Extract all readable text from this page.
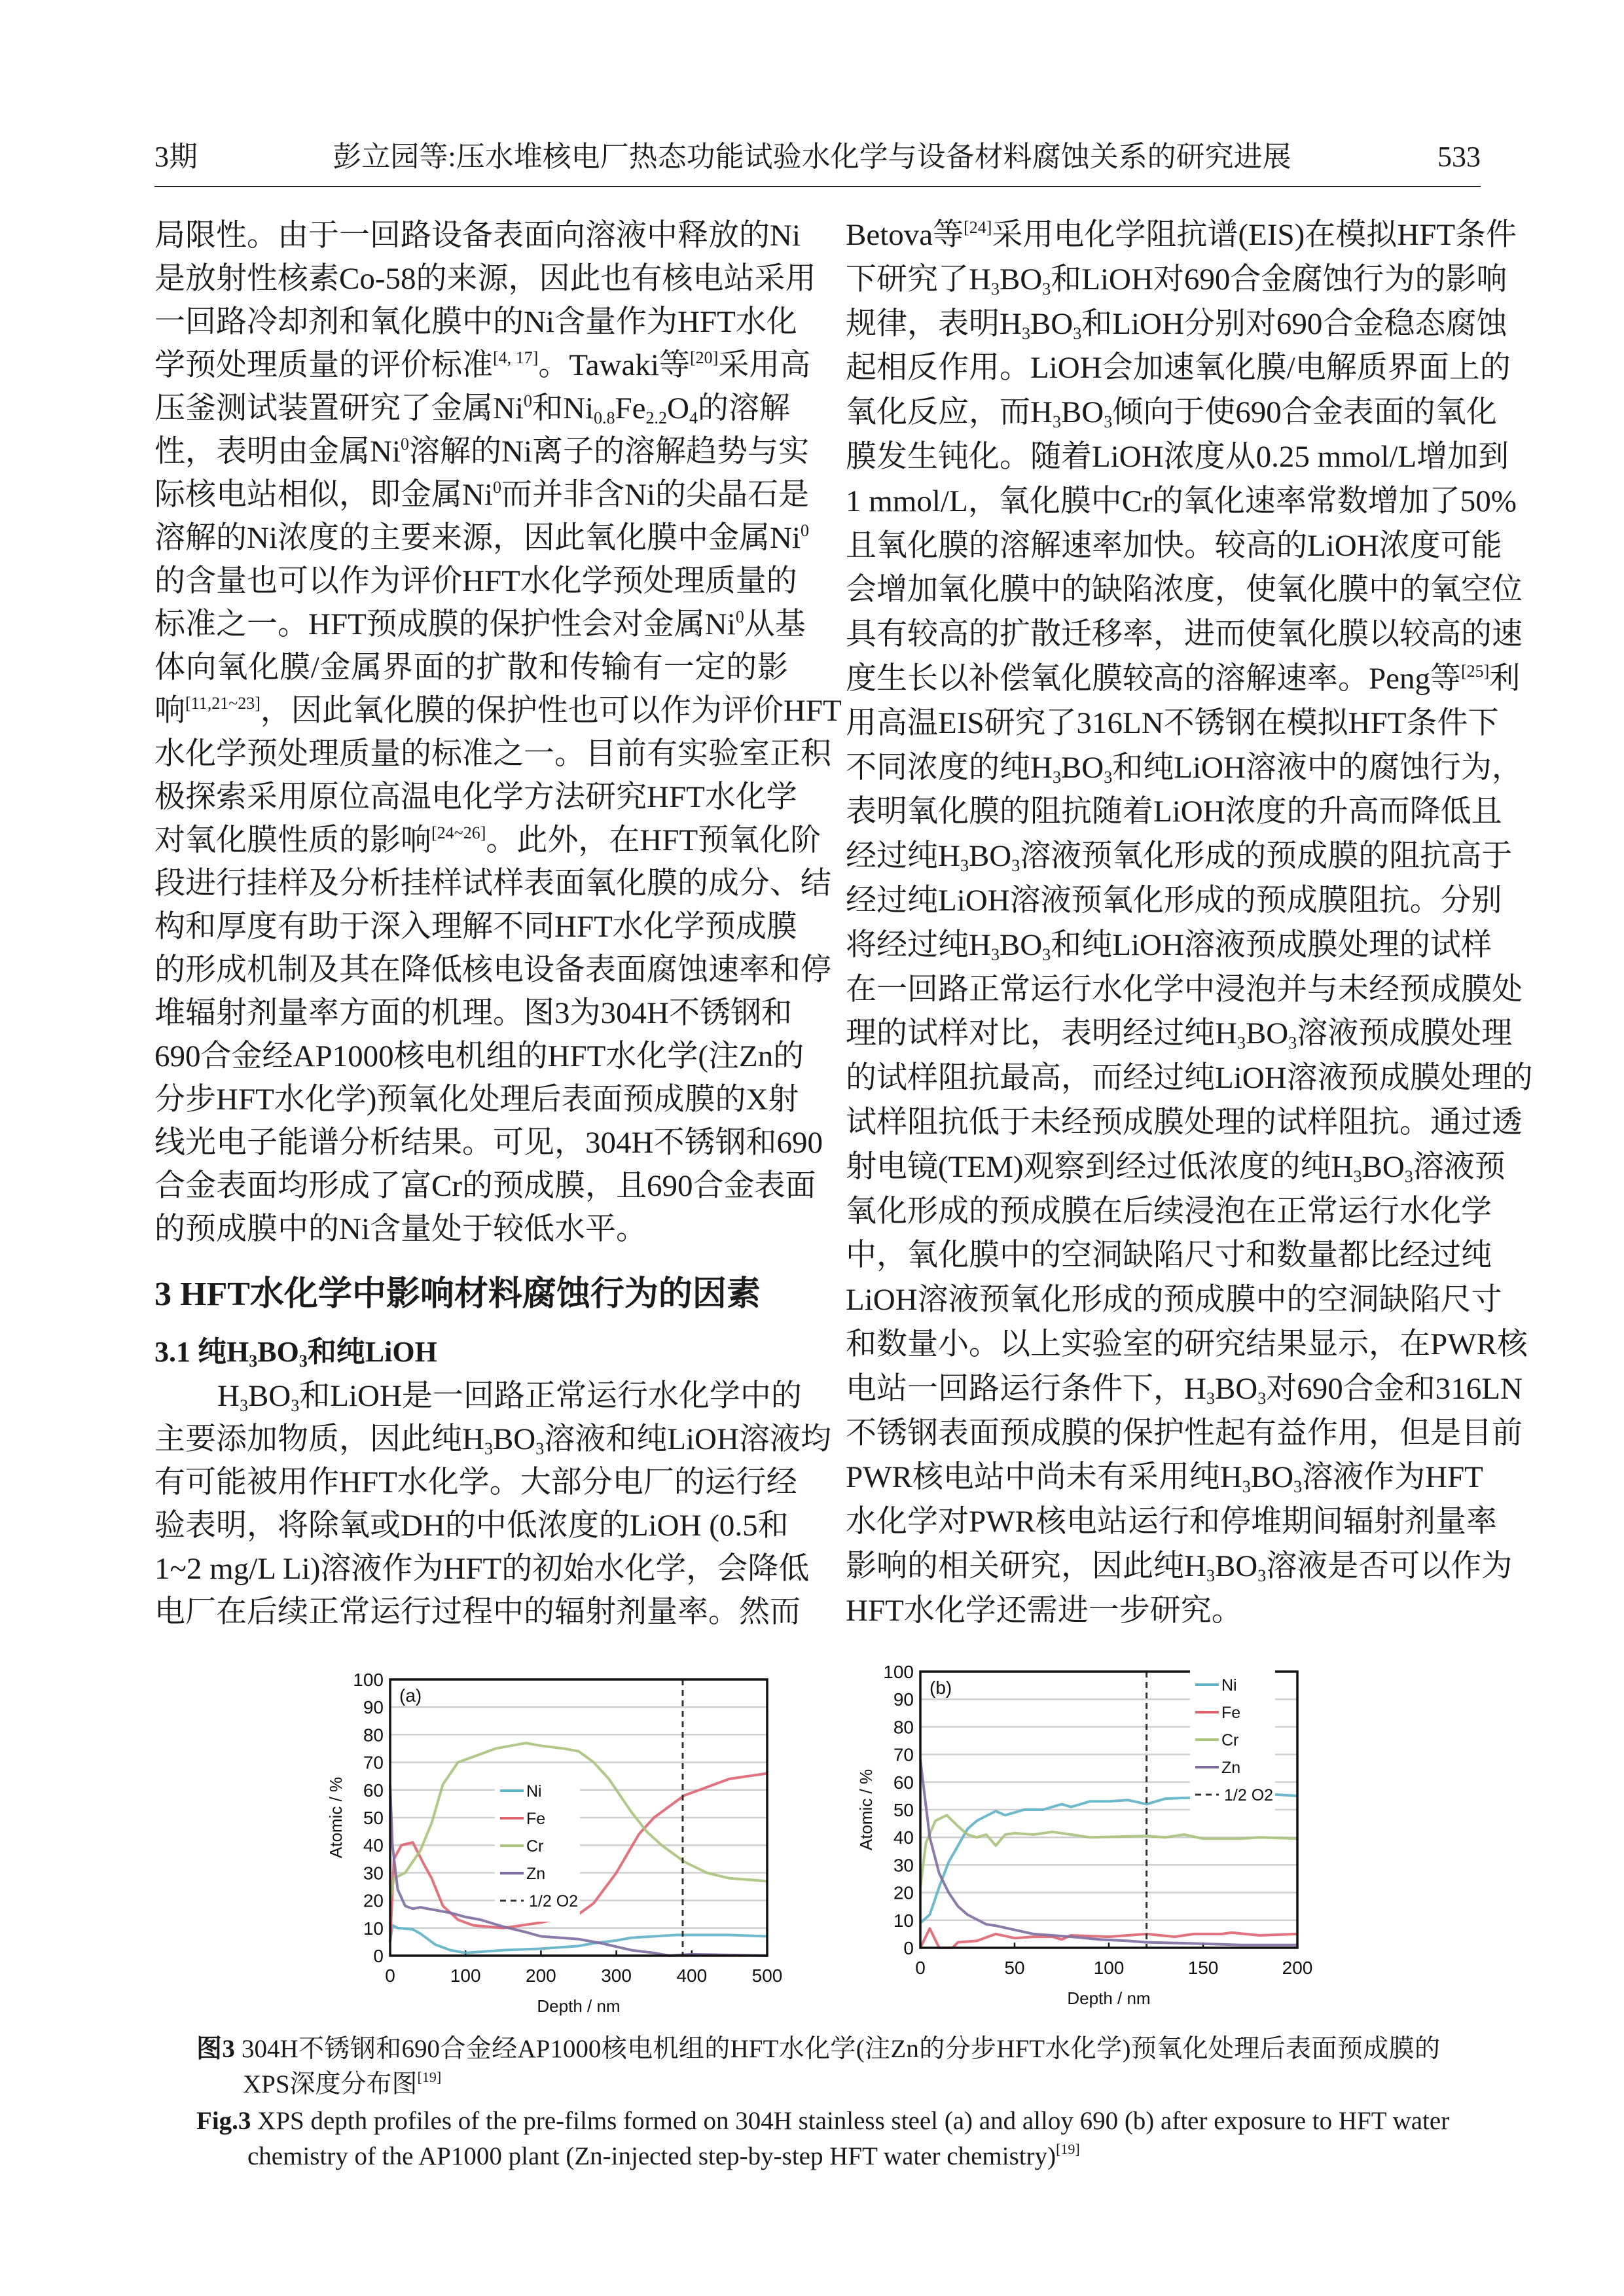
3期	彭立园等:压水堆核电厂热态功能试验水化学与设备材料腐蚀关系的研究进展	533
局限性。由于一回路设备表面向溶液中释放的Ni
是放射性核素Co-58的来源，因此也有核电站采用
一回路冷却剂和氧化膜中的Ni含量作为HFT水化
学预处理质量的评价标准[4, 17]。Tawaki等[20]采用高
压釜测试装置研究了金属Ni$^0$和$Ni_{0.8}Fe_{2.2}O_4$的溶解
性，表明由金属Ni$^0$溶解的Ni离子的溶解趋势与实
际核电站相似，即金属Ni$^0$而并非含Ni的尖晶石是
溶解的Ni浓度的主要来源，因此氧化膜中金属Ni$^0$
的含量也可以作为评价HFT水化学预处理质量的
标准之一。HFT预成膜的保护性会对金属Ni$^0$从基
体向氧化膜/金属界面的扩散和传输有一定的影
响[11,21~23]，因此氧化膜的保护性也可以作为评价HFT
水化学预处理质量的标准之一。目前有实验室正积
极探索采用原位高温电化学方法研究HFT水化学
对氧化膜性质的影响[24~26]。此外，在HFT预氧化阶
段进行挂样及分析挂样试样表面氧化膜的成分、结
构和厚度有助于深入理解不同HFT水化学预成膜
的形成机制及其在降低核电设备表面腐蚀速率和停
堆辐射剂量率方面的机理。图3为304H不锈钢和
690合金经AP1000核电机组的HFT水化学(注Zn的
分步HFT水化学)预氧化处理后表面预成膜的X射
线光电子能谱分析结果。可见，304H不锈钢和690
合金表面均形成了富Cr的预成膜，且690合金表面
的预成膜中的Ni含量处于较低水平。
3 HFT水化学中影响材料腐蚀行为的因素
3.1 纯$H_3BO_3$和纯LiOH
$H_3BO_3$和LiOH是一回路正常运行水化学中的
主要添加物质，因此纯$H_3BO_3$溶液和纯LiOH溶液均
有可能被用作HFT水化学。大部分电厂的运行经
验表明，将除氧或DH的中低浓度的LiOH (0.5和
1~2 mg/L Li)溶液作为HFT的初始水化学，会降低
电厂在后续正常运行过程中的辐射剂量率。然而
Betova等[24]采用电化学阻抗谱(EIS)在模拟HFT条件
下研究了$H_3BO_3$和LiOH对690合金腐蚀行为的影响
规律，表明$H_3BO_3$和LiOH分别对690合金稳态腐蚀
起相反作用。LiOH会加速氧化膜/电解质界面上的
氧化反应，而$H_3BO_3$倾向于使690合金表面的氧化
膜发生钝化。随着LiOH浓度从0.25 mmol/L增加到
1 mmol/L，氧化膜中Cr的氧化速率常数增加了50%
且氧化膜的溶解速率加快。较高的LiOH浓度可能
会增加氧化膜中的缺陷浓度，使氧化膜中的氧空位
具有较高的扩散迁移率，进而使氧化膜以较高的速
度生长以补偿氧化膜较高的溶解速率。Peng等[25]利
用高温EIS研究了316LN不锈钢在模拟HFT条件下
不同浓度的纯$H_3BO_3$和纯LiOH溶液中的腐蚀行为，
表明氧化膜的阻抗随着LiOH浓度的升高而降低且
经过纯$H_3BO_3$溶液预氧化形成的预成膜的阻抗高于
经过纯LiOH溶液预氧化形成的预成膜阻抗。分别
将经过纯$H_3BO_3$和纯LiOH溶液预成膜处理的试样
在一回路正常运行水化学中浸泡并与未经预成膜处
理的试样对比，表明经过纯$H_3BO_3$溶液预成膜处理
的试样阻抗最高，而经过纯LiOH溶液预成膜处理的
试样阻抗低于未经预成膜处理的试样阻抗。通过透
射电镜(TEM)观察到经过低浓度的纯$H_3BO_3$溶液预
氧化形成的预成膜在后续浸泡在正常运行水化学
中，氧化膜中的空洞缺陷尺寸和数量都比经过纯
LiOH溶液预氧化形成的预成膜中的空洞缺陷尺寸
和数量小。以上实验室的研究结果显示，在PWR核
电站一回路运行条件下，$H_3BO_3$对690合金和316LN
不锈钢表面预成膜的保护性起有益作用，但是目前
PWR核电站中尚未有采用纯$H_3BO_3$溶液作为HFT
水化学对PWR核电站运行和停堆期间辐射剂量率
影响的相关研究，因此纯$H_3BO_3$溶液是否可以作为
HFT水化学还需进一步研究。
0
10
20
30
40
50
60
70
80
90
100
0	100 200 300 400 500
(a)
Depth / nm
Atomic / %	Ni
Fe
Cr
Zn
1/2 O2
0
10
20
30
40
50
60
70
80
90
100
0	50	100	150	200
(b)
Depth / nm
Atomic / %
Ni
Fe
Cr
Zn
1/2 O2
图3 304H不锈钢和690合金经AP1000核电机组的HFT水化学(注Zn的分步HFT水化学)预氧化处理后表面预成膜的
XPS深度分布图[19]
Fig.3 XPS depth profiles of the pre-films formed on 304H stainless steel (a) and alloy 690 (b) after exposure to HFT water
chemistry of the AP1000 plant (Zn-injected step-by-step HFT water chemistry)[19]
